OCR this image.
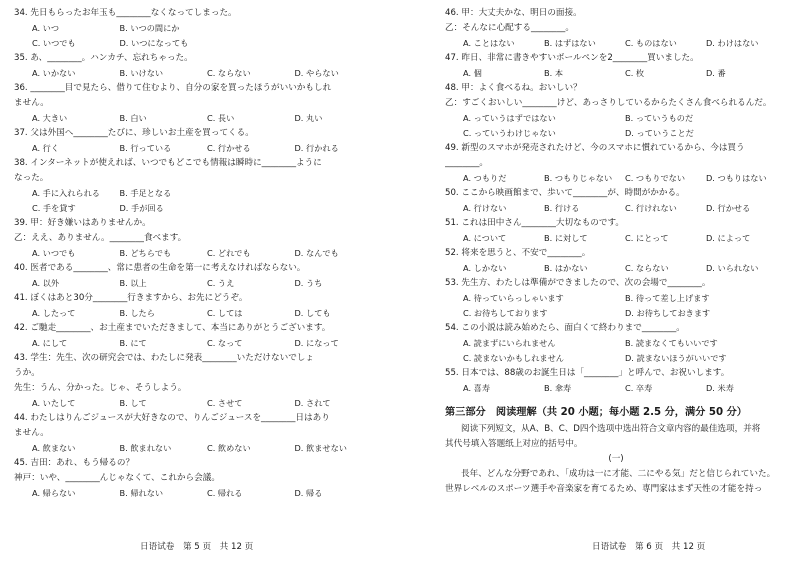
34. 先日もらったお年玉も________なくなってしまった。
A. いつ	B. いつの間にか
C. いつでも	D. いつになっても
35. あ、________。ハンカチ、忘れちゃった。
A. いかない	B. いけない	C. ならない	D. やらない
36. ________目で見たら、借りて住むより、自分の家を買ったほうがいいかもしれ
ません。
A. 大きい	B. 白い	C. 長い	D. 丸い
37. 父は外国へ________たびに、珍しいお土産を買ってくる。
A. 行く	B. 行っている	C. 行かせる	D. 行かれる
38. インターネットが使えれば、いつでもどこでも情報は瞬時に________ように
なった。
A. 手に入れられる	B. 手足となる
C. 手を貸す	D. 手が回る
39. 甲：好き嫌いはありませんか。
乙：ええ、ありません。________食べます。
A. いつでも	B. どちらでも	C. どれでも	D. なんでも
40. 医者である________、常に患者の生命を第一に考えなければならない。
A. 以外	B. 以上	C. うえ	D. うち
41. ぼくはあと30分________行きますから、お先にどうぞ。
A. したって	B. したら	C. しては	D. しても
42. ご馳走________、お土産までいただきまして、本当にありがとうございます。
A. にして	B. にて	C. なって	D. になって
43. 学生：先生、次の研究会では、わたしに発表________いただけないでしょ
うか。
先生：うん、分かった。じゃ、そうしよう。
A. いたして	B. して	C. させて	D. されて
44. わたしはりんごジュースが大好きなので、りんごジュースを________日はあり
ません。
A. 飲まない	B. 飲まれない	C. 飲めない	D. 飲ませない
45. 吉田：あれ、もう帰るの？
神戸：いや、________んじゃなくて、これから会議。
A. 帰らない	B. 帰れない	C. 帰れる	D. 帰る
日语试卷　第 5 页　共 12 页
46. 甲：大丈夫かな、明日の面接。
乙：そんなに心配する________。
A. ことはない	B. はずはない	C. ものはない	D. わけはない
47. 昨日、非常に書きやすいボールペンを2________買いました。
A. 個	B. 本	C. 枚	D. 番
48. 甲：よく食べるね。おいしい？
乙：すごくおいしい________けど、あっさりしているからたくさん食べられるんだ。
A. っていうはずではない	B. っていうものだ
C. っていうわけじゃない	D. っていうことだ
49. 新型のスマホが発売されたけど、今のスマホに慣れているから、今は買う
________。
A. つもりだ	B. つもりじゃない	C. つもりでない	D. つもりはない
50. ここから映画館まで、歩いて________が、時間がかかる。
A. 行けない	B. 行ける	C. 行けれない	D. 行かせる
51. これは田中さん________大切なものです。
A. について	B. に対して	C. にとって	D. によって
52. 将来を思うと、不安で________。
A. しかない	B. はかない	C. ならない	D. いられない
53. 先生方、わたしは準備ができましたので、次の会場で________。
A. 待っていらっしゃいます	B. 待って差し上げます
C. お待ちしております	D. お待ちしておきます
54. この小説は読み始めたら、面白くて終わりまで________。
A. 読まずにいられません	B. 読まなくてもいいです
C. 読まないかもしれません	D. 読まないほうがいいです
55. 日本では、88歳のお誕生日は「________」と呼んで、お祝いします。
A. 喜寿	B. 傘寿	C. 卒寿	D. 米寿
第三部分　阅读理解（共 20 小题；每小题 2.5 分，满分 50 分）
阅读下列短文，从A、B、C、D四个选项中选出符合文章内容的最佳选项，并将
其代号填入答题纸上对应的括号中。
(一)
長年、どんな分野であれ、「成功は一に才能、二にやる気」だと信じられていた。
世界レベルのスポーツ選手や音楽家を育てるため、専門家はまず天性の才能を持っ
日语试卷　第 6 页　共 12 页
